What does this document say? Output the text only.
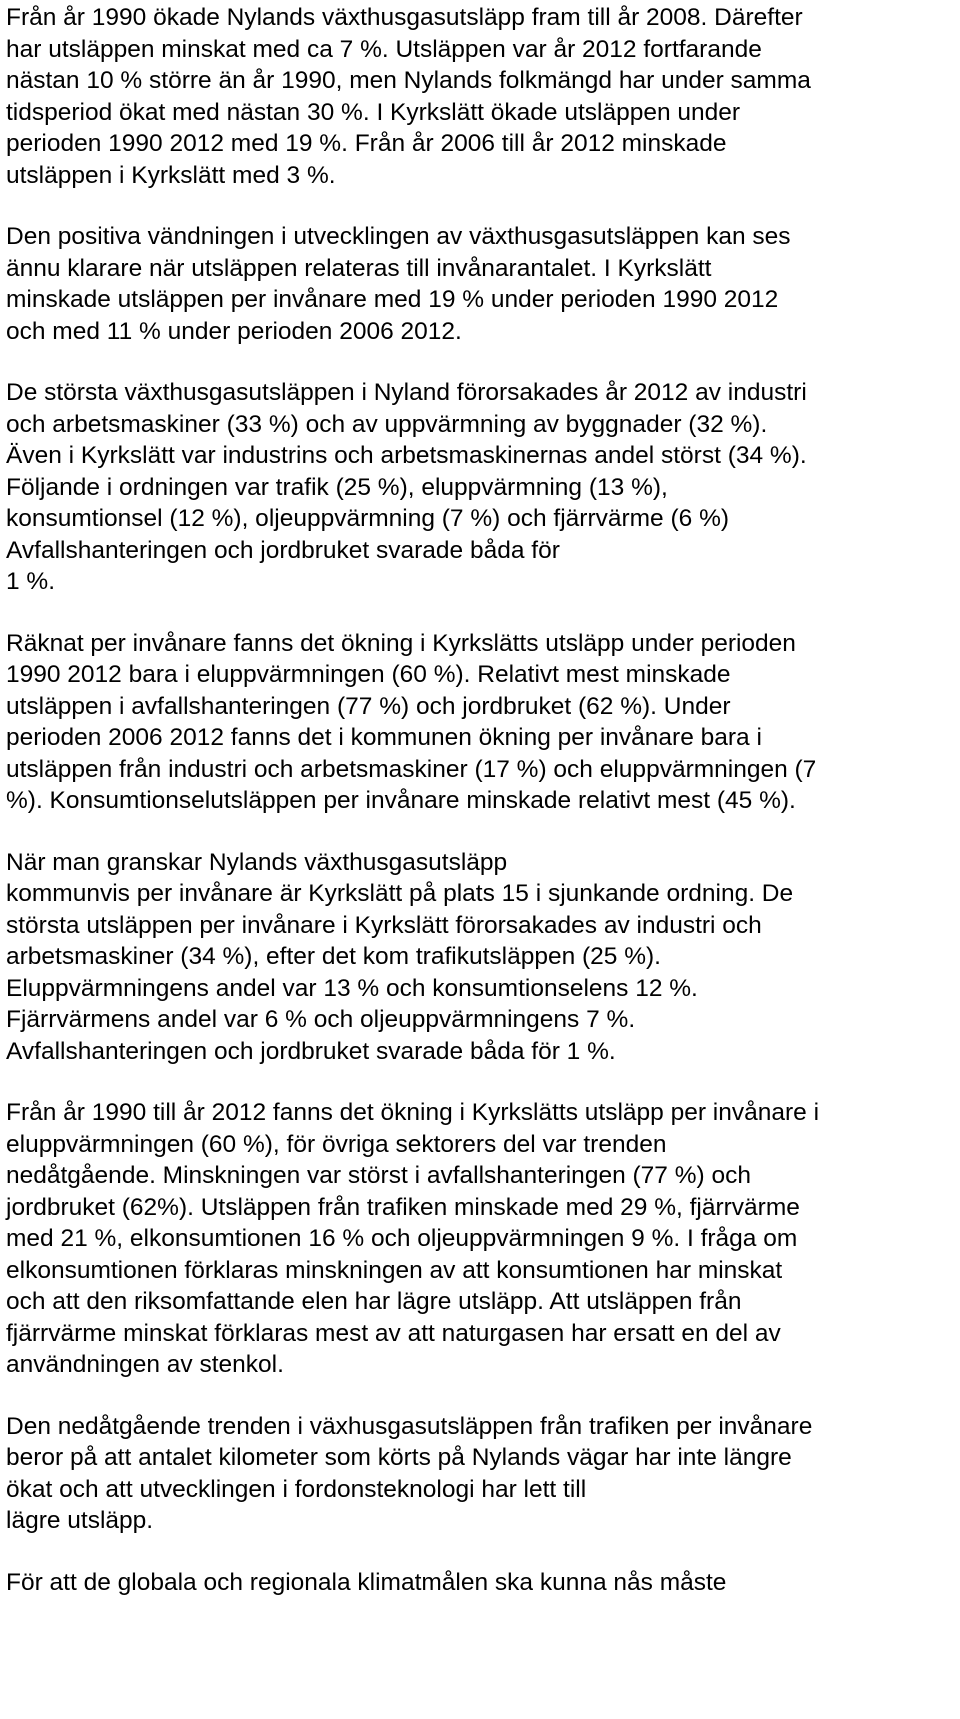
Från år 1990 ökade Nylands växthusgasutsläpp fram till år 2008. Därefter
har utsläppen minskat med ca 7 %. Utsläppen var år 2012 fortfarande
nästan 10 % större än år 1990, men Nylands folkmängd har under samma
tidsperiod ökat med nästan 30 %. I Kyrkslätt ökade utsläppen under
perioden 1990 2012 med 19 %. Från år 2006 till år 2012 minskade
utsläppen i Kyrkslätt med 3 %.

Den positiva vändningen i utvecklingen av växthusgasutsläppen kan ses
ännu klarare när utsläppen relateras till invånarantalet. I Kyrkslätt
minskade utsläppen per invånare med 19 % under perioden 1990 2012
och med 11 % under perioden 2006 2012.

De största växthusgasutsläppen i Nyland förorsakades år 2012 av industri
och arbetsmaskiner (33 %) och av uppvärmning av byggnader (32 %).
Även i Kyrkslätt var industrins och arbetsmaskinernas andel störst (34 %).
Följande i ordningen var trafik (25 %), eluppvärmning (13 %),
konsumtionsel (12 %), oljeuppvärmning (7 %) och fjärrvärme (6 %)
Avfallshanteringen och jordbruket svarade båda för
1 %.

Räknat per invånare fanns det ökning i Kyrkslätts utsläpp under perioden
1990 2012 bara i eluppvärmningen (60 %). Relativt mest minskade
utsläppen i avfallshanteringen (77 %) och jordbruket (62 %). Under
perioden 2006 2012 fanns det i kommunen ökning per invånare bara i
utsläppen från industri och arbetsmaskiner (17 %) och eluppvärmningen (7
%). Konsumtionselutsläppen per invånare minskade relativt mest (45 %).

När man granskar Nylands växthusgasutsläpp
kommunvis per invånare är Kyrkslätt på plats 15 i sjunkande ordning. De
största utsläppen per invånare i Kyrkslätt förorsakades av industri och
arbetsmaskiner (34 %), efter det kom trafikutsläppen (25 %).
Eluppvärmningens andel var 13 % och konsumtionselens 12 %.
Fjärrvärmens andel var 6 % och oljeuppvärmningens 7 %.
Avfallshanteringen och jordbruket svarade båda för 1 %.

Från år 1990 till år 2012 fanns det ökning i Kyrkslätts utsläpp per invånare i
eluppvärmningen (60 %), för övriga sektorers del var trenden
nedåtgående. Minskningen var störst i avfallshanteringen (77 %) och
jordbruket (62%). Utsläppen från trafiken minskade med 29 %, fjärrvärme
med 21 %, elkonsumtionen 16 % och oljeuppvärmningen 9 %. I fråga om
elkonsumtionen förklaras minskningen av att konsumtionen har minskat
och att den riksomfattande elen har lägre utsläpp. Att utsläppen från
fjärrvärme minskat förklaras mest av att naturgasen har ersatt en del av
användningen av stenkol.

Den nedåtgående trenden i växhusgasutsläppen från trafiken per invånare
beror på att antalet kilometer som körts på Nylands vägar har inte längre
ökat och att utvecklingen i fordonsteknologi har lett till
lägre utsläpp.

För att de globala och regionala klimatmålen ska kunna nås måste
